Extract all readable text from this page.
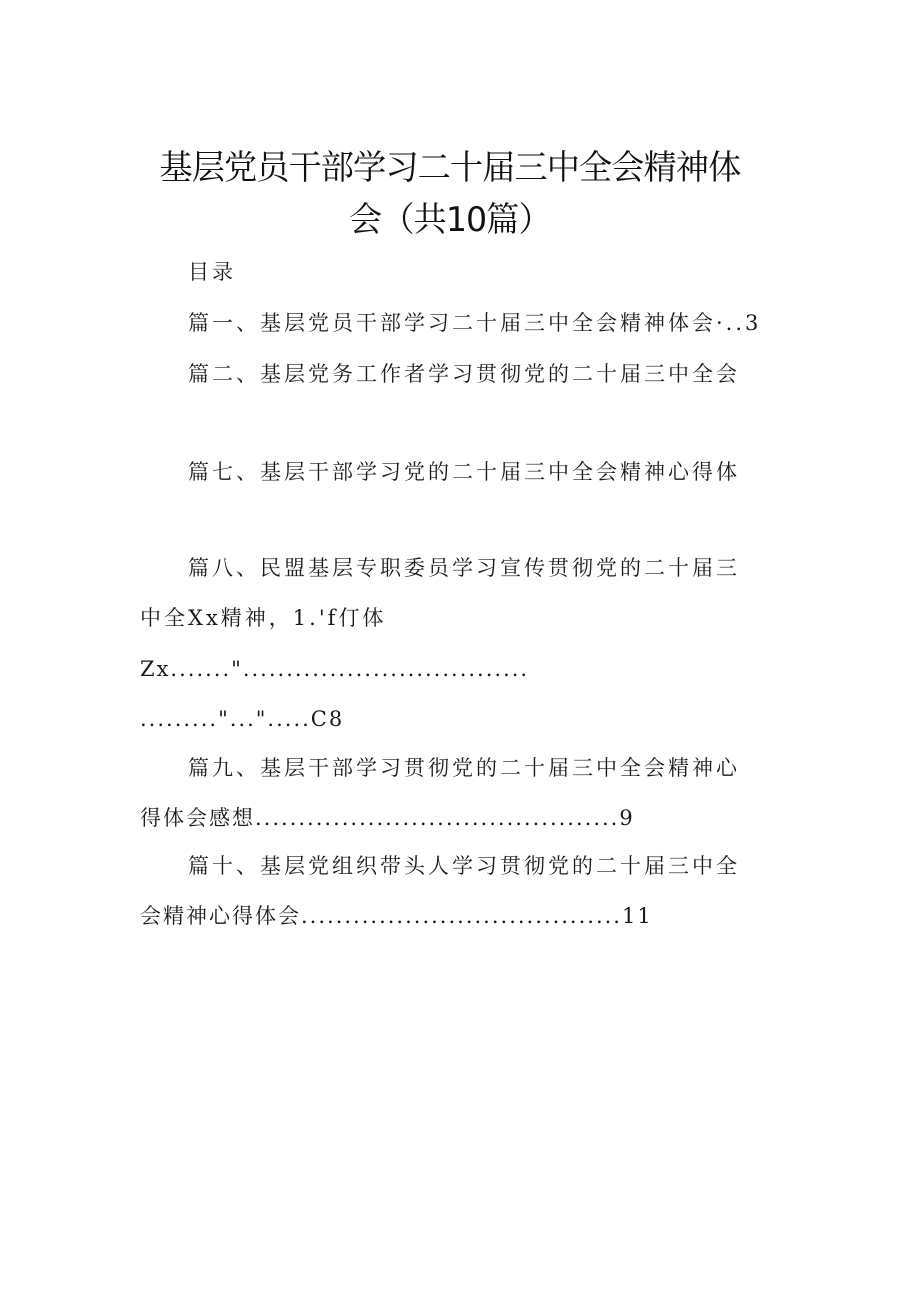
基层党员干部学习二十届三中全会精神体
会（共10篇）
目录
篇一、基层党员干部学习二十届三中全会精神体会·..3
篇二、基层党务工作者学习贯彻党的二十届三中全会
篇七、基层干部学习党的二十届三中全会精神心得体
篇八、民盟基层专职委员学习宣传贯彻党的二十届三
中全Xx精神，1.'f仃体
Zx.......".................................
........."...".....C8
篇九、基层干部学习贯彻党的二十届三中全会精神心
得体会感想..........................................9
篇十、基层党组织带头人学习贯彻党的二十届三中全
会精神心得体会.....................................11
